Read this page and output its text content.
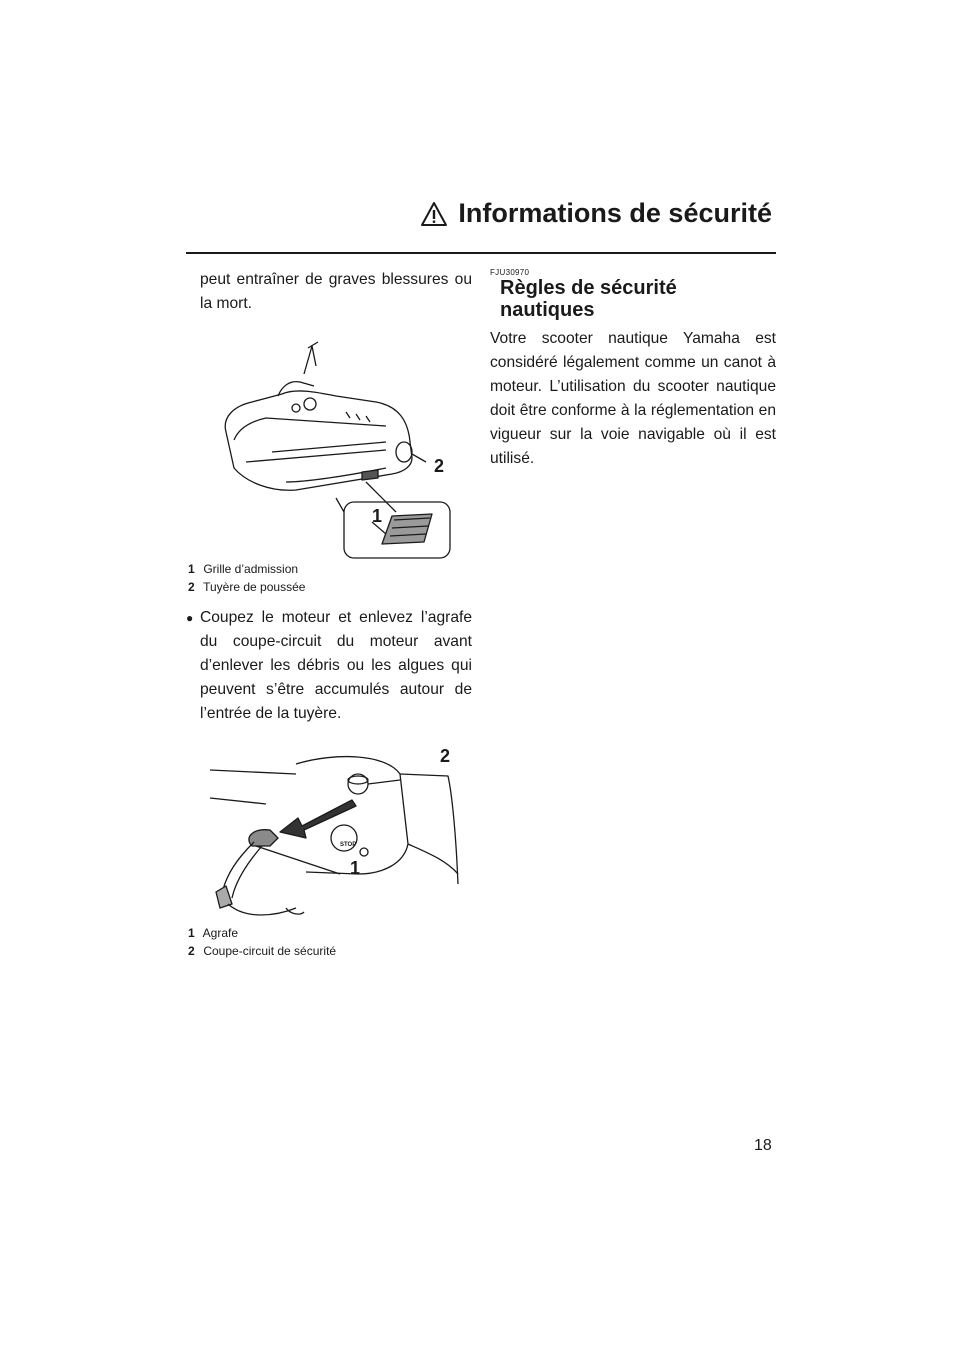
Informations de sécurité

peut entraîner de graves blessures ou la mort.

2
1
1 Grille d’admission
2 Tuyère de poussée
● Coupez le moteur et enlevez l’agrafe du coupe-circuit du moteur avant d’enlever les débris ou les algues qui peuvent s’être accumulés autour de l’entrée de la tuyère.

STOP
2
1
1 Agrafe
2 Coupe-circuit de sécurité

FJU30970

Règles de sécurité nautiques

Votre scooter nautique Yamaha est considéré légalement comme un canot à moteur. L’utilisation du scooter nautique doit être conforme à la réglementation en vigueur sur la voie navigable où il est utilisé.

18
